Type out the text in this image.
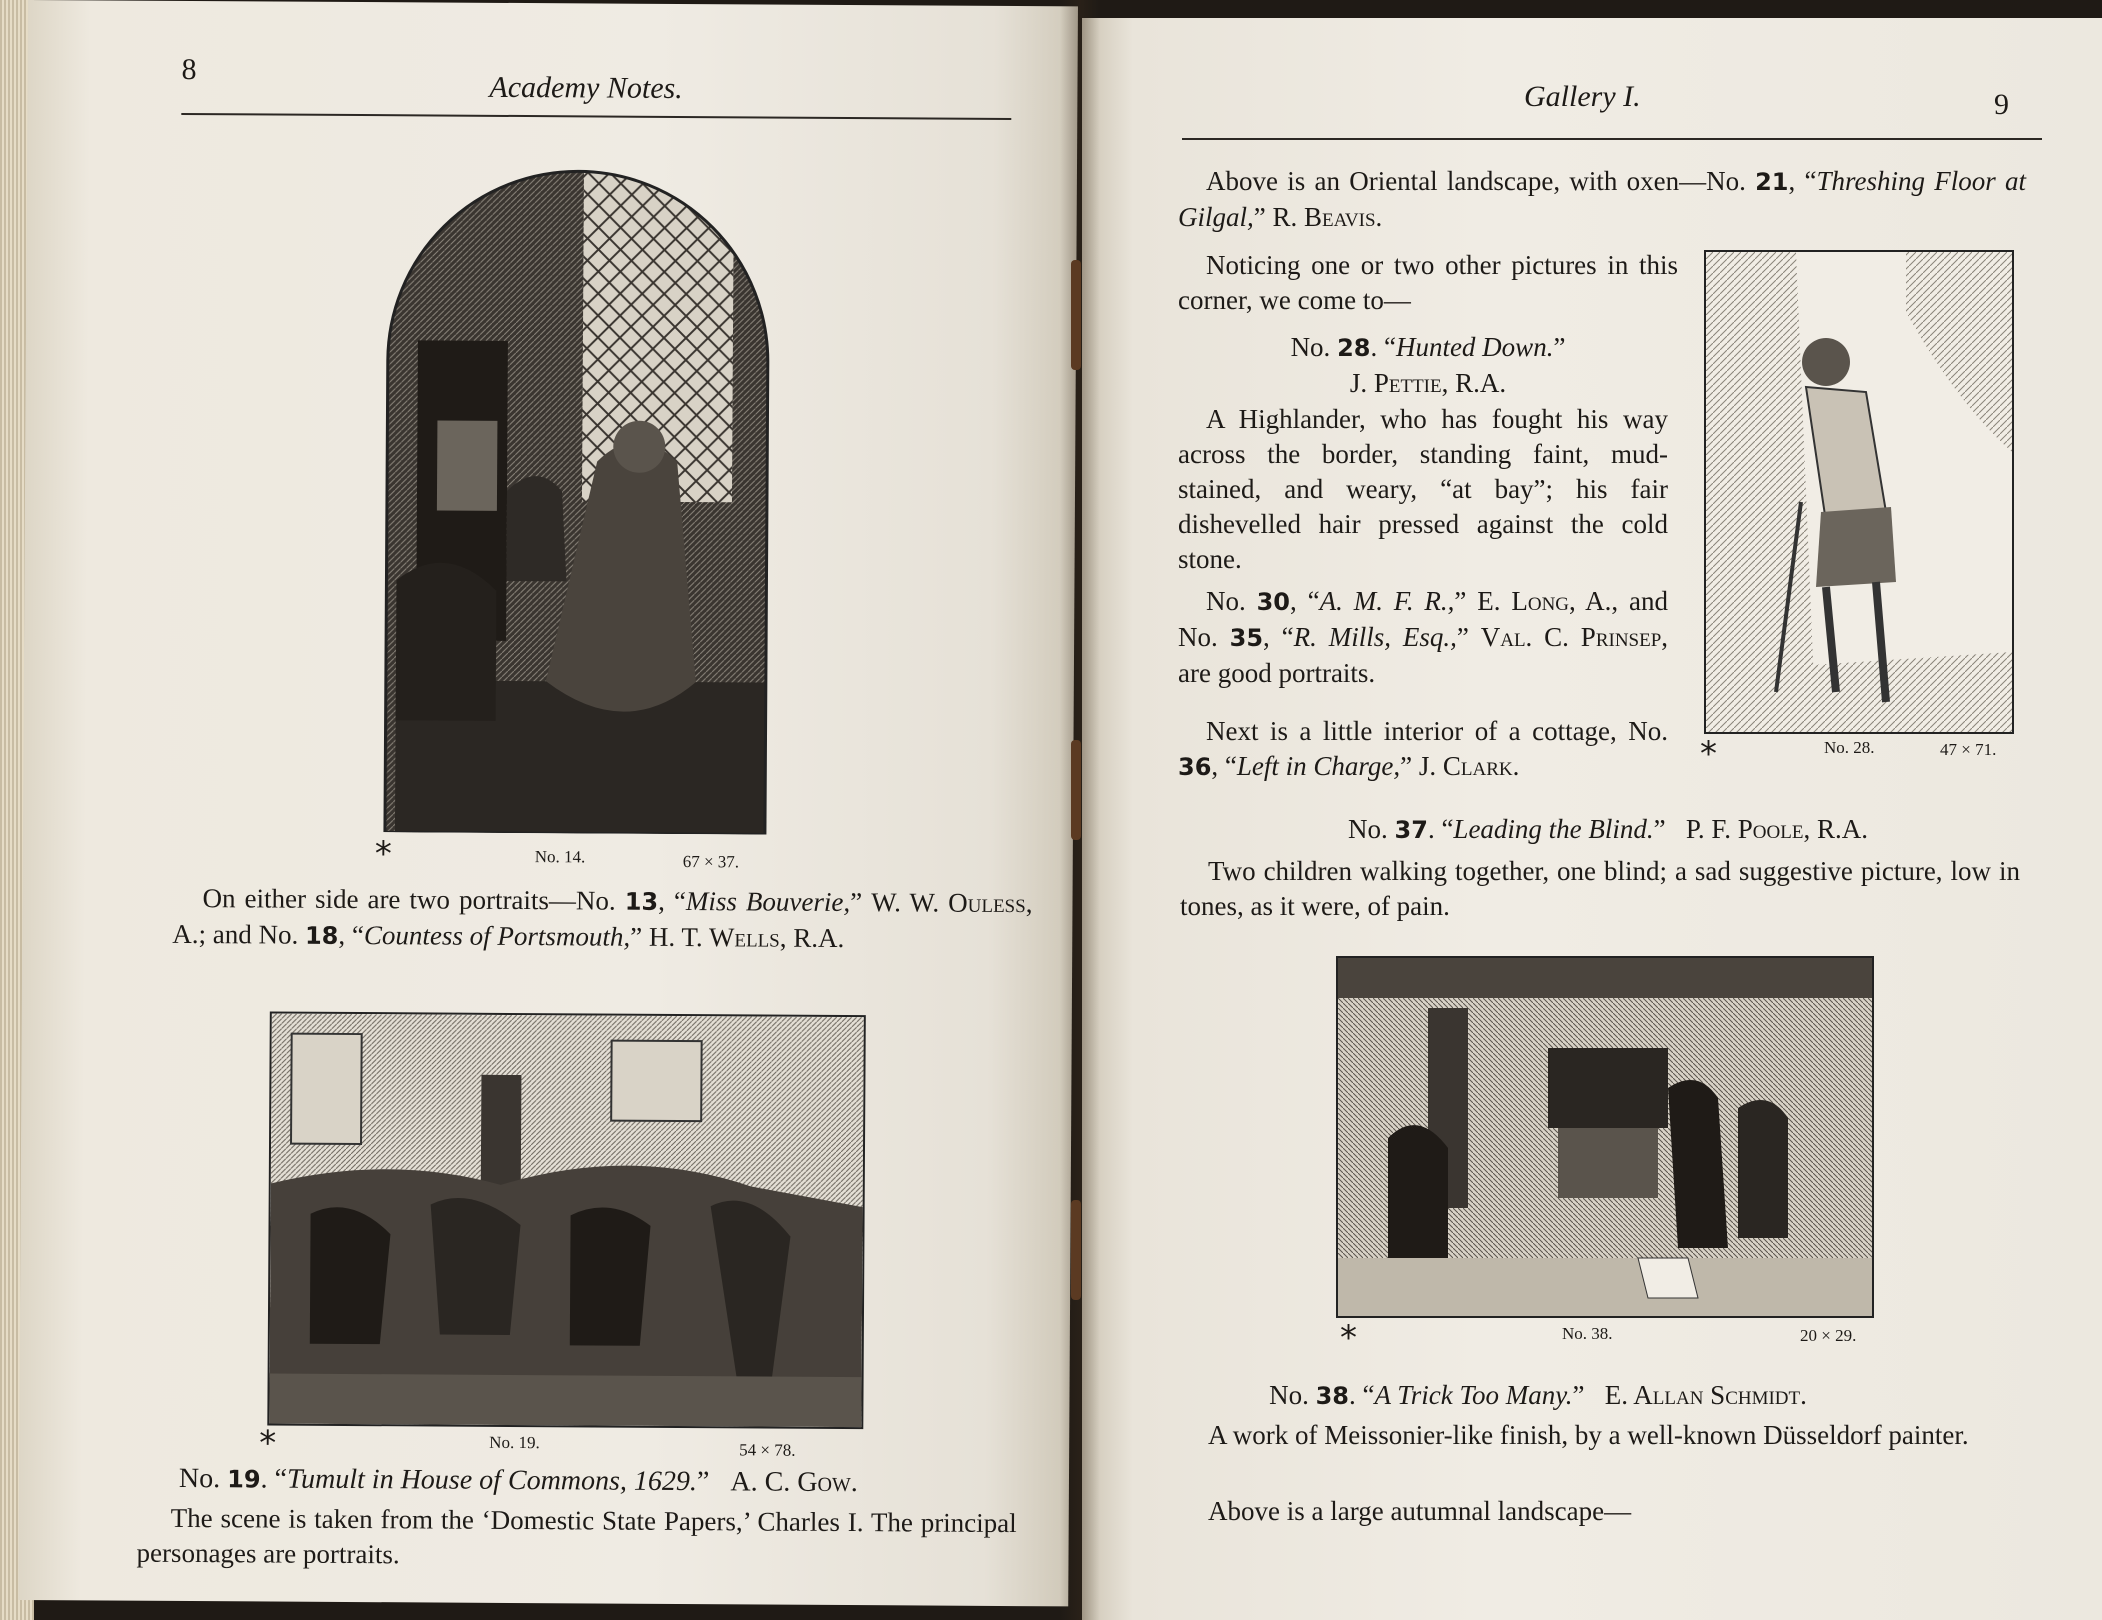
8
Academy Notes.
*	No. 14.	67 × 37.

On either side are two portraits—No. 13, “Miss Bouverie,” W. W. Ouless, A.; and No. 18, “Countess of Portsmouth,” H. T. Wells, R.A.

*	No. 19.	54 × 78.

No. 19. “Tumult in House of Commons, 1629.” A. C. Gow.

The scene is taken from the ‘Domestic State Papers,’ Charles I. The principal personages are portraits.

Gallery I.	9

Above is an Oriental landscape, with oxen—No. 21, “Threshing Floor at Gilgal,” R. Beavis.

Noticing one or two other pictures in this corner, we come to—

No. 28. “Hunted Down.”
J. Pettie, R.A.

A Highlander, who has fought his way across the border, standing faint, mud-stained, and weary, “at bay”; his fair dishevelled hair pressed against the cold stone.

No. 30, “A. M. F. R.,” E. Long, A., and No. 35, “R. Mills, Esq.,” Val. C. Prinsep, are good portraits.

Next is a little interior of a cottage, No. 36, “Left in Charge,” J. Clark.	*	No. 28.	47 × 71.

No. 37. “Leading the Blind.” P. F. Poole, R.A.

Two children walking together, one blind; a sad suggestive picture, low in tones, as it were, of pain.

*	No. 38.	20 × 29.

No. 38. “A Trick Too Many.” E. Allan Schmidt.

A work of Meissonier-like finish, by a well-known Düsseldorf painter.

Above is a large autumnal landscape—
